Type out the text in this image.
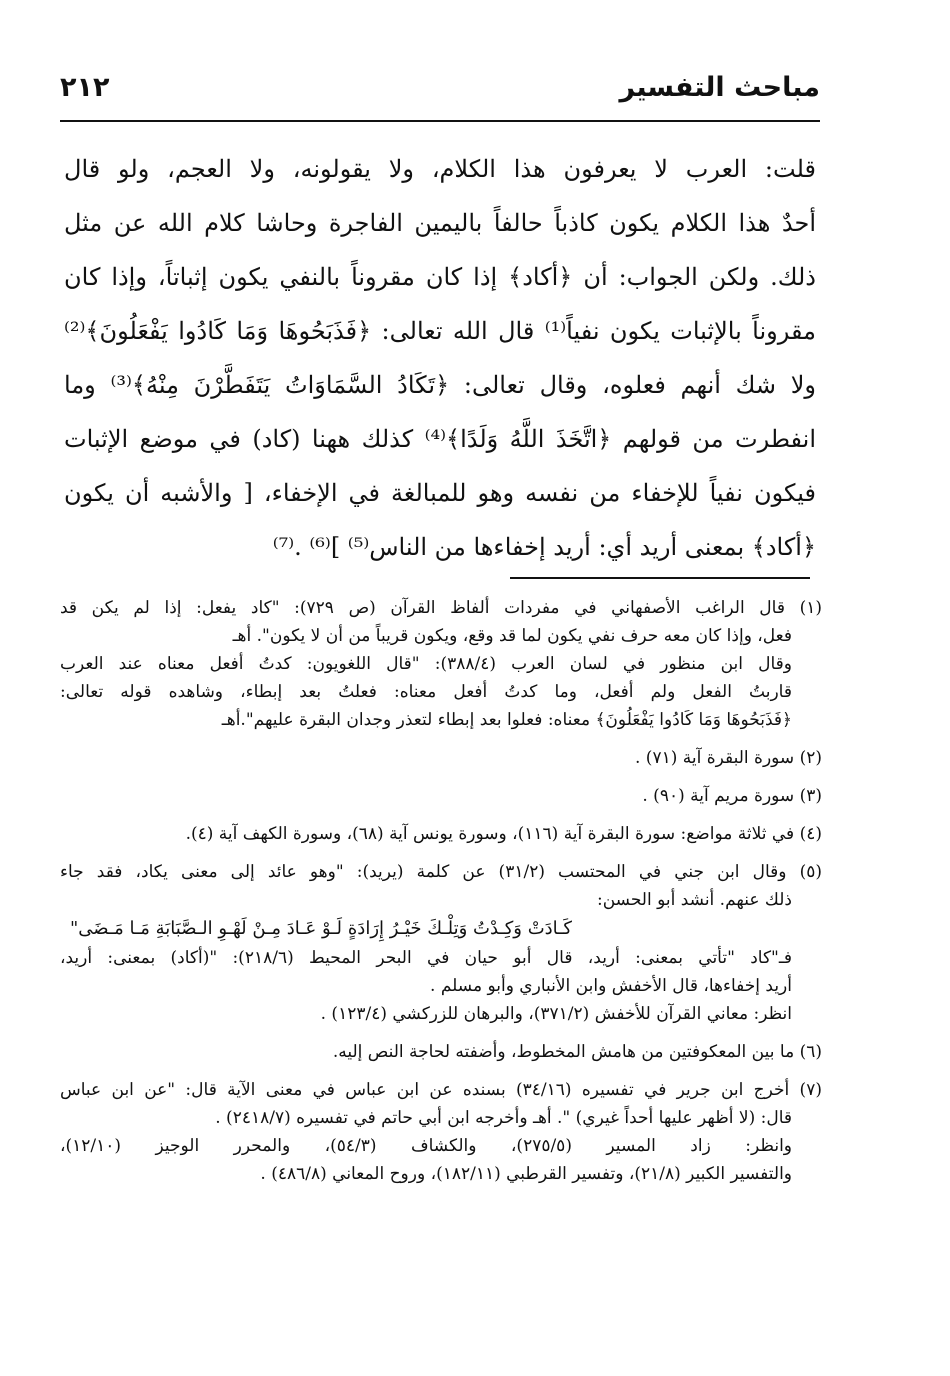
مباحث التفسير
٢١٢
قلت: العرب لا يعرفون هذا الكلام، ولا يقولونه، ولا العجم، ولو قال
أحدٌ هذا الكلام يكون كاذباً حالفاً باليمين الفاجرة وحاشا كلام الله عن مثل
ذلك. ولكن الجواب: أن ﴿أكاد﴾ إذا كان مقروناً بالنفي يكون إثباتاً، وإذا كان
مقروناً بالإثبات يكون نفياً⁽¹⁾ قال الله تعالى: ﴿فَذَبَحُوهَا وَمَا كَادُوا يَفْعَلُونَ﴾⁽²⁾
ولا شك أنهم فعلوه، وقال تعالى: ﴿تَكَادُ السَّمَاوَاتُ يَتَفَطَّرْنَ مِنْهُ﴾⁽³⁾ وما
انفطرت من قولهم ﴿اتَّخَذَ اللَّهُ وَلَدًا﴾⁽⁴⁾ كذلك ههنا (كاد) في موضع الإثبات
فيكون نفياً للإخفاء من نفسه وهو للمبالغة في الإخفاء، [ والأشبه أن يكون
﴿أكاد﴾ بمعنى أريد أي: أريد إخفاءها من الناس⁽⁵⁾ ]⁽⁶⁾ .⁽⁷⁾
(١) قال الراغب الأصفهاني في مفردات ألفاظ القرآن (ص ٧٢٩): "كاد يفعل: إذا لم يكن قد
فعل، وإذا كان معه حرف نفي يكون لما قد وقع، ويكون قريباً من أن لا يكون". أهـ
وقال ابن منظور في لسان العرب (٣٨٨/٤): "قال اللغويون: كدتُ أفعل معناه عند العرب
قاربتُ الفعل ولم أفعل، وما كدتُ أفعل معناه: فعلتُ بعد إبطاء، وشاهده قوله تعالى:
﴿فَذَبَحُوهَا وَمَا كَادُوا يَفْعَلُونَ﴾ معناه: فعلوا بعد إبطاء لتعذر وجدان البقرة عليهم".أهـ
(٢) سورة البقرة آية (٧١) .
(٣) سورة مريم آية (٩٠) .
(٤) في ثلاثة مواضع: سورة البقرة آية (١١٦)، وسورة يونس آية (٦٨)، وسورة الكهف آية (٤).
(٥) وقال ابن جني في المحتسب (٣١/٢) عن كلمة (يريد): "وهو عائد إلى معنى يكاد، فقد جاء
ذلك عنهم. أنشد أبو الحسن:
كَـادَتْ وَكِـدْتُ وَتِلْـكَ خَيْـرُ إِرَادَةٍ
لَـوْ عَـادَ مِـنْ لَهْـوِ الـصَّبَابَةِ مَـا مَـضَى"
فـ"كاد "تأتي بمعنى: أريد، قال أبو حيان في البحر المحيط (٢١٨/٦): "(أكاد) بمعنى: أريد،
أريد إخفاءها، قال الأخفش وابن الأنباري وأبو مسلم .
انظر: معاني القرآن للأخفش (٣٧١/٢)، والبرهان للزركشي (١٢٣/٤) .
(٦) ما بين المعكوفتين من هامش المخطوط، وأضفته لحاجة النص إليه.
(٧) أخرج ابن جرير في تفسيره (٣٤/١٦) بسنده عن ابن عباس في معنى الآية قال: "عن ابن عباس
قال: (لا أظهر عليها أحداً غيري) ". أهـ وأخرجه ابن أبي حاتم في تفسيره (٢٤١٨/٧) .
وانظر: زاد المسير (٢٧٥/٥)، والكشاف (٥٤/٣)، والمحرر الوجيز (١٢/١٠)،
والتفسير الكبير (٢١/٨)، وتفسير القرطبي (١٨٢/١١)، وروح المعاني (٤٨٦/٨) .
